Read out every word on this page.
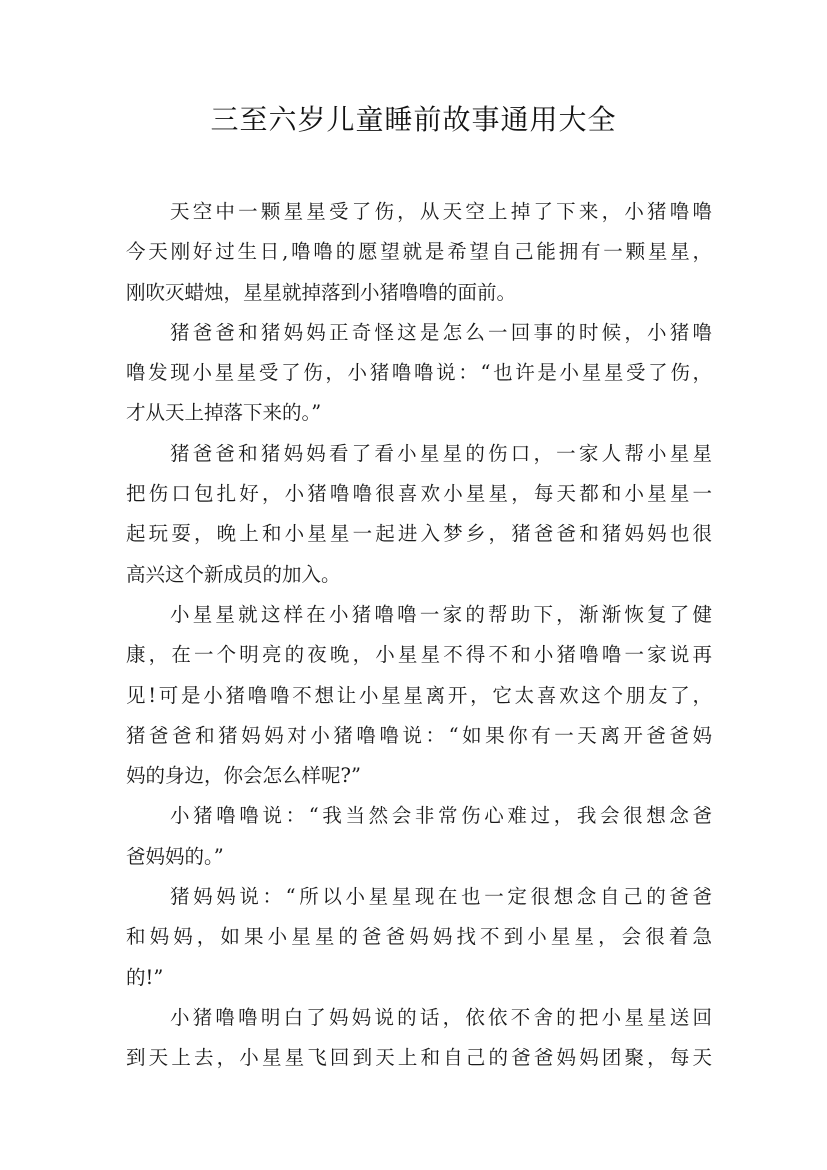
三至六岁儿童睡前故事通用大全
天空中一颗星星受了伤，从天空上掉了下来，小猪噜噜
今天刚好过生日,噜噜的愿望就是希望自己能拥有一颗星星，
刚吹灭蜡烛，星星就掉落到小猪噜噜的面前。
猪爸爸和猪妈妈正奇怪这是怎么一回事的时候，小猪噜
噜发现小星星受了伤，小猪噜噜说：“也许是小星星受了伤，
才从天上掉落下来的。”
猪爸爸和猪妈妈看了看小星星的伤口，一家人帮小星星
把伤口包扎好，小猪噜噜很喜欢小星星，每天都和小星星一
起玩耍，晚上和小星星一起进入梦乡，猪爸爸和猪妈妈也很
高兴这个新成员的加入。
小星星就这样在小猪噜噜一家的帮助下，渐渐恢复了健
康，在一个明亮的夜晚，小星星不得不和小猪噜噜一家说再
见!可是小猪噜噜不想让小星星离开，它太喜欢这个朋友了，
猪爸爸和猪妈妈对小猪噜噜说：“如果你有一天离开爸爸妈
妈的身边，你会怎么样呢?”
小猪噜噜说：“我当然会非常伤心难过，我会很想念爸
爸妈妈的。”
猪妈妈说：“所以小星星现在也一定很想念自己的爸爸
和妈妈，如果小星星的爸爸妈妈找不到小星星，会很着急
的!”
小猪噜噜明白了妈妈说的话，依依不舍的把小星星送回
到天上去，小星星飞回到天上和自己的爸爸妈妈团聚，每天
